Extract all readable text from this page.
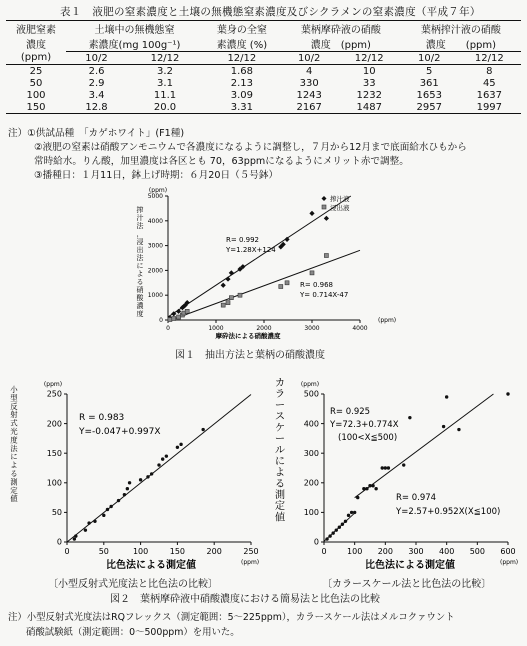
表１　液肥の窒素濃度と土壌の無機態窒素濃度及びシクラメンの窒素濃度（平成７年）
液肥窒素	土壌中の無機態窒		葉身の全窒	葉柄摩砕液の硝酸		葉柄搾汁液の硝酸	
濃度	素濃度(mg 100g⁻¹)		素濃度 (%)	濃度　(ppm)		濃度　　(ppm)	
(ppm)	10/2	12/12	12/12	10/2	12/12	10/2	12/12
25	2.6	3.2	1.68	4	10	5	8
50	2.9	3.1	2.13	330	33	361	45
100	3.4	11.1	3.09	1243	1232	1653	1637
150	12.8	20.0	3.31	2167	1487	2957	1997
注）①供試品種　「カゲホワイト」(F1種)
②液肥の窒素は硝酸アンモニウムで各濃度になるように調整し，７月から12月まで底面給水ひもから
常時給水。りん酸，加里濃度は各区とも 70，63ppmになるようにメリット赤で調整。
③播種日：１月11日，鉢上げ時期：６月20日（５号鉢）
0	1000	2000	3000	4000
0
1000
2000
3000
4000
5000
(ppm)
(ppm)
摩砕法による硝酸濃度
搾汁法，浸出法による硝酸濃度
搾汁液
浸出液
R= 0.992
Y=1.28X+124
R= 0.968
Y= 0.714X-47
図１　抽出方法と葉柄の硝酸濃度
0	50	100	150	200	250
0
50
100
150
200
250
(ppm)
(ppm)
比色法による測定値
小型反射式光度法による測定値
R = 0.983
Y=-0.047+0.997X
0	100 200 300 400 500 600
0
100
200
300
400
500
(ppm)
(ppm)
比色法による測定値
カラースケールによる測定値
R= 0.925
Y=72.3+0.774X
(100<X≦500)
R= 0.974
Y=2.57+0.952X(X≦100)
〔小型反射式光度法と比色法の比較〕	〔カラースケール法と比色法の比較〕
図２　葉柄摩砕液中硝酸濃度における簡易法と比色法の比較
注）小型反射式光度法はRQフレックス（測定範囲：5〜225ppm），カラースケール法はメルコクァウント
硝酸試験紙（測定範囲：0〜500ppm）を用いた。
